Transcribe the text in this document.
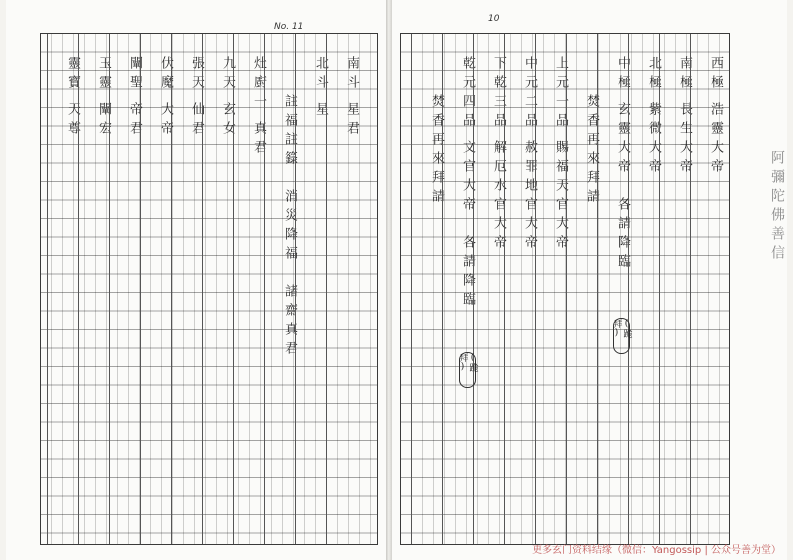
No. 11
靈寶
天尊
玉靈
闡宏
闡聖
帝君
伏魔
大帝
張天
仙君
九天
玄女
灶廚一
真君	註福註籙　消災降福　諸齋真君
北斗
星
南斗
星君
10
焚香再來拜請	乾元四品
文官大帝　各請降臨
下乾三品
解厄水官大帝
中元二品
赦罪地官大帝
上元一品
賜福天官大帝	焚香再來拜請
中極
玄靈大帝　各請降臨
北極
紫微大帝
南極
長生大帝
西極
浩靈大帝
(跪拜)
(跪拜)
阿彌陀佛善信
更多玄门资料结缘（微信：Yangossip | 公众号善为堂）
